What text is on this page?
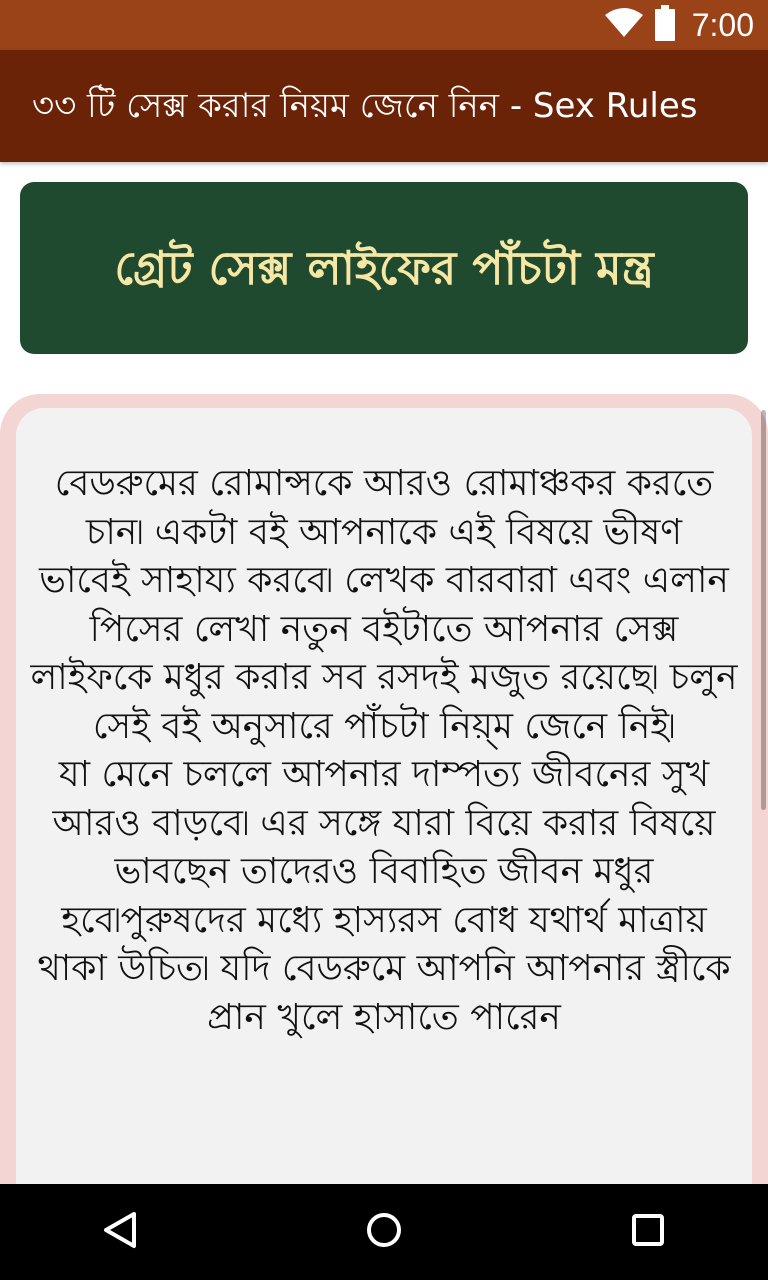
7:00
৩৩ টি সেক্স করার নিয়ম জেনে নিন - Sex Rules
গ্রেট সেক্স লাইফের পাঁচটা মন্ত্র

বেডরুমের রোমান্সকে আরও রোমাঞ্চকর করতে চান৷ একটা বই আপনাকে এই বিষয়ে ভীষণ
ভাবেই সাহায্য করবে৷ লেখক বারবারা এবং এলান
পিসের লেখা নতুন বইটাতে আপনার সেক্স লাইফকে মধুর করার সব রসদই মজুত রয়েছে৷ চলুন
সেই বই অনুসারে পাঁচটা নিয়্ম জেনে নিই৷
যা মেনে চললে আপনার দাম্পত্য জীবনের সুখ আরও বাড়বে৷ এর সঙ্গে যারা বিয়ে করার বিষয়ে ভাবছেন তাদেরও বিবাহিত জীবন মধুর হবে৷পুরুষদের মধ্যে হাস্যরস বোধ যথার্থ মাত্রায় থাকা উচিত৷ যদি বেডরুমে আপনি আপনার স্ত্রীকে প্রান খুলে হাসাতে পারেন
